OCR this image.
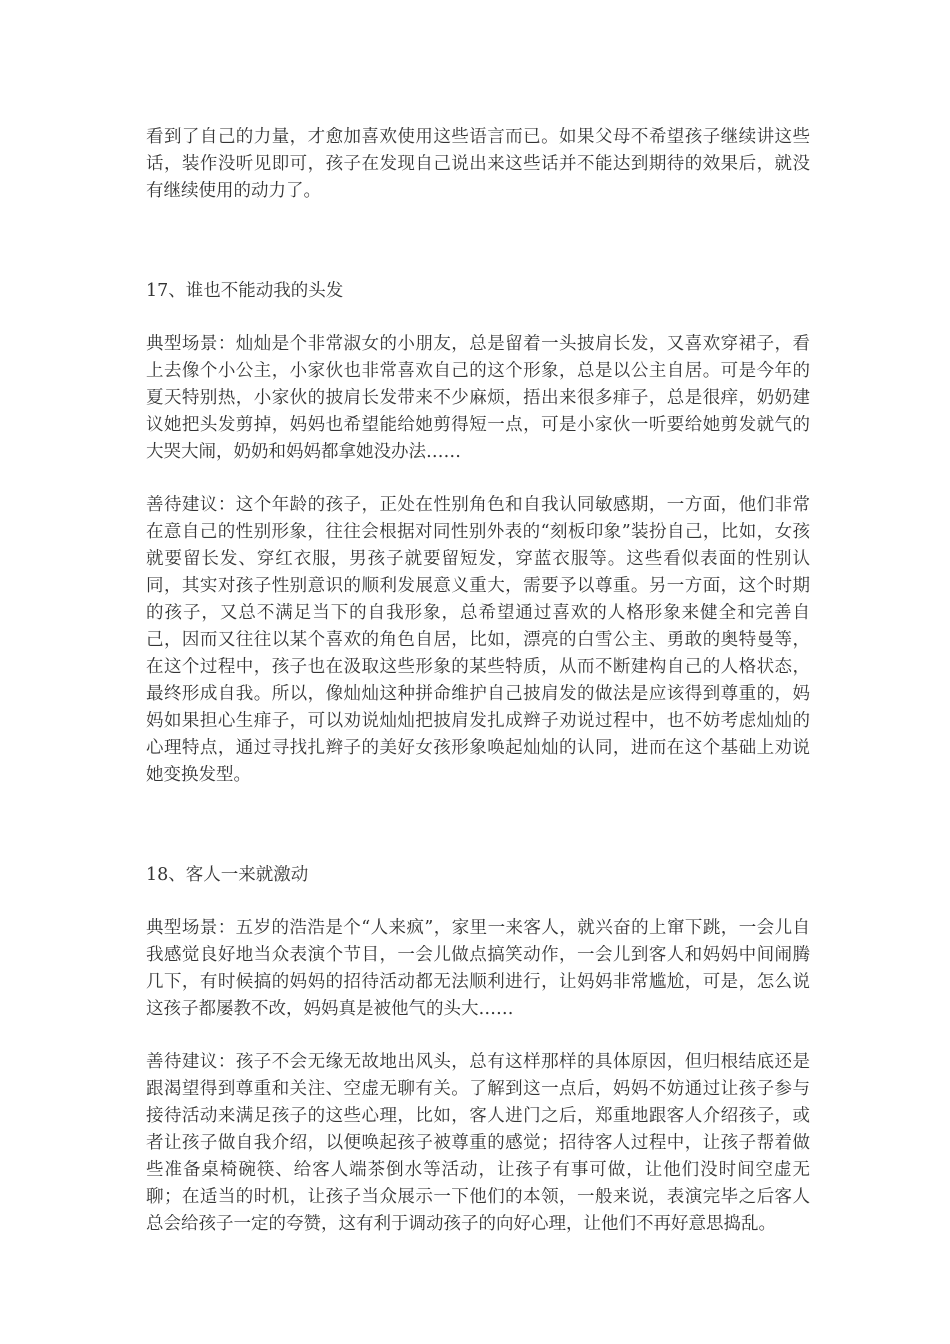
看到了自己的力量，才愈加喜欢使用这些语言而已。如果父母不希望孩子继续讲这些话，装作没听见即可，孩子在发现自己说出来这些话并不能达到期待的效果后，就没有继续使用的动力了。

17、谁也不能动我的头发

典型场景：灿灿是个非常淑女的小朋友，总是留着一头披肩长发，又喜欢穿裙子，看上去像个小公主，小家伙也非常喜欢自己的这个形象，总是以公主自居。可是今年的夏天特别热，小家伙的披肩长发带来不少麻烦，捂出来很多痱子，总是很痒，奶奶建议她把头发剪掉，妈妈也希望能给她剪得短一点，可是小家伙一听要给她剪发就气的大哭大闹，奶奶和妈妈都拿她没办法……

善待建议：这个年龄的孩子，正处在性别角色和自我认同敏感期，一方面，他们非常在意自己的性别形象，往往会根据对同性别外表的“刻板印象”装扮自己，比如，女孩就要留长发、穿红衣服，男孩子就要留短发，穿蓝衣服等。这些看似表面的性别认同，其实对孩子性别意识的顺利发展意义重大，需要予以尊重。另一方面，这个时期的孩子，又总不满足当下的自我形象，总希望通过喜欢的人格形象来健全和完善自己，因而又往往以某个喜欢的角色自居，比如，漂亮的白雪公主、勇敢的奥特曼等，在这个过程中，孩子也在汲取这些形象的某些特质，从而不断建构自己的人格状态，最终形成自我。所以，像灿灿这种拼命维护自己披肩发的做法是应该得到尊重的，妈妈如果担心生痱子，可以劝说灿灿把披肩发扎成辫子劝说过程中，也不妨考虑灿灿的心理特点，通过寻找扎辫子的美好女孩形象唤起灿灿的认同，进而在这个基础上劝说她变换发型。

18、客人一来就激动

典型场景：五岁的浩浩是个“人来疯”，家里一来客人，就兴奋的上窜下跳，一会儿自我感觉良好地当众表演个节目，一会儿做点搞笑动作，一会儿到客人和妈妈中间闹腾几下，有时候搞的妈妈的招待活动都无法顺利进行，让妈妈非常尴尬，可是，怎么说这孩子都屡教不改，妈妈真是被他气的头大……

善待建议：孩子不会无缘无故地出风头，总有这样那样的具体原因，但归根结底还是跟渴望得到尊重和关注、空虚无聊有关。了解到这一点后，妈妈不妨通过让孩子参与接待活动来满足孩子的这些心理，比如，客人进门之后，郑重地跟客人介绍孩子，或者让孩子做自我介绍，以便唤起孩子被尊重的感觉；招待客人过程中，让孩子帮着做些准备桌椅碗筷、给客人端茶倒水等活动，让孩子有事可做，让他们没时间空虚无聊；在适当的时机，让孩子当众展示一下他们的本领，一般来说，表演完毕之后客人总会给孩子一定的夸赞，这有利于调动孩子的向好心理，让他们不再好意思捣乱。
